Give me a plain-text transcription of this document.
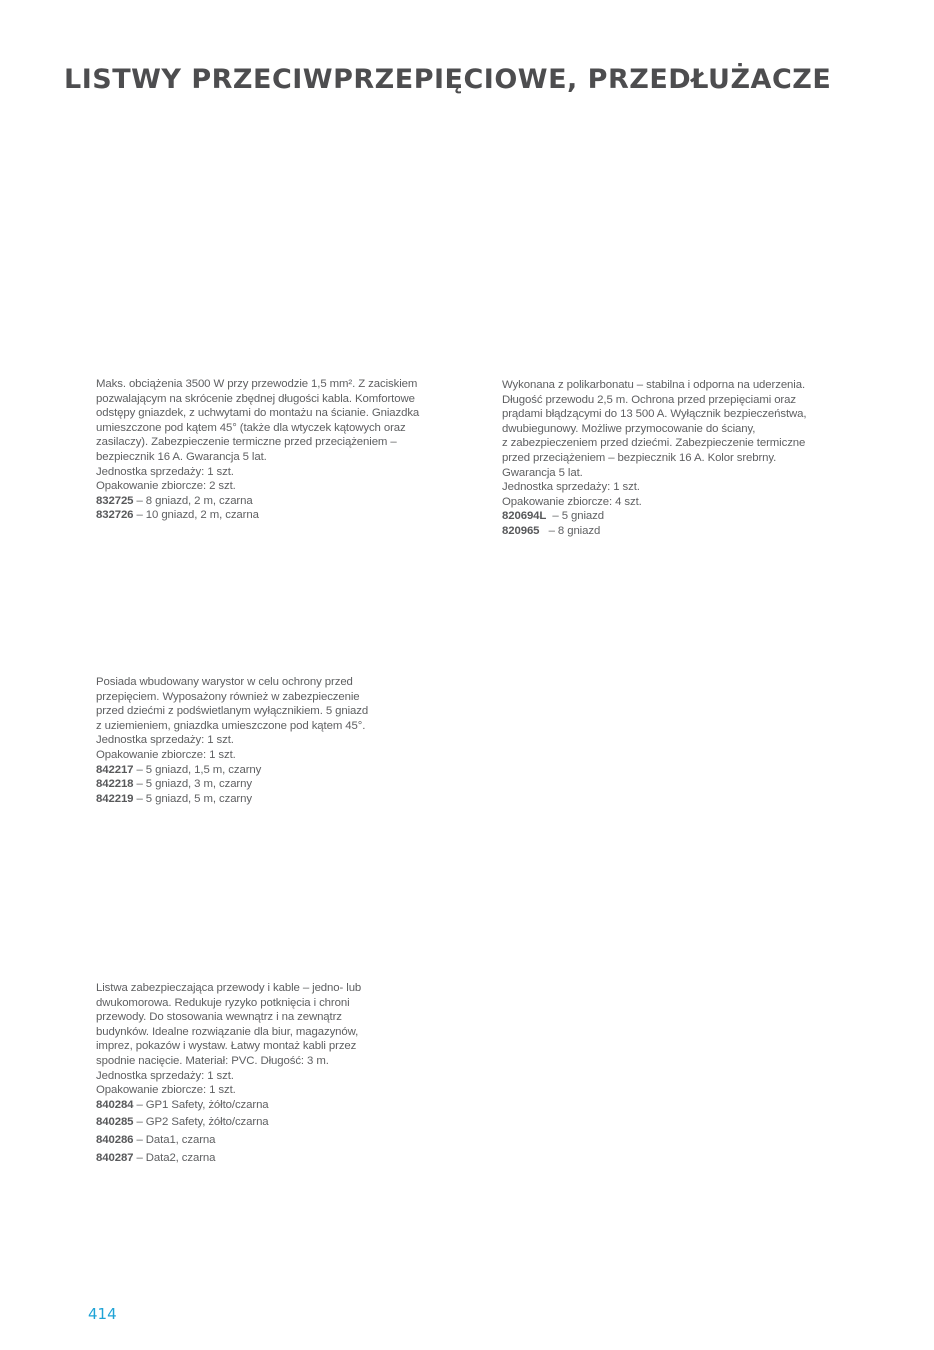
LISTWY PRZECIWPRZEPIĘCIOWE, PRZEDŁUŻACZE
Maks. obciążenia 3500 W przy przewodzie 1,5 mm². Z zaciskiem
pozwalającym na skrócenie zbędnej długości kabla. Komfortowe
odstępy gniazdek, z uchwytami do montażu na ścianie. Gniazdka
umieszczone pod kątem 45° (także dla wtyczek kątowych oraz
zasilaczy). Zabezpieczenie termiczne przed przeciążeniem –
bezpiecznik 16 A. Gwarancja 5 lat.
Jednostka sprzedaży: 1 szt.
Opakowanie zbiorcze: 2 szt.
832725 – 8 gniazd, 2 m, czarna
832726 – 10 gniazd, 2 m, czarna
Wykonana z polikarbonatu – stabilna i odporna na uderzenia.
Długość przewodu 2,5 m. Ochrona przed przepięciami oraz
prądami błądzącymi do 13 500 A. Wyłącznik bezpieczeństwa,
dwubiegunowy. Możliwe przymocowanie do ściany,
z zabezpieczeniem przed dziećmi. Zabezpieczenie termiczne
przed przeciążeniem – bezpiecznik 16 A. Kolor srebrny.
Gwarancja 5 lat.
Jednostka sprzedaży: 1 szt.
Opakowanie zbiorcze: 4 szt.
820694L  – 5 gniazd
820965   – 8 gniazd
Posiada wbudowany warystor w celu ochrony przed
przepięciem. Wyposażony również w zabezpieczenie
przed dziećmi z podświetlanym wyłącznikiem. 5 gniazd
z uziemieniem, gniazdka umieszczone pod kątem 45°.
Jednostka sprzedaży: 1 szt.
Opakowanie zbiorcze: 1 szt.
842217 – 5 gniazd, 1,5 m, czarny
842218 – 5 gniazd, 3 m, czarny
842219 – 5 gniazd, 5 m, czarny
Listwa zabezpieczająca przewody i kable – jedno- lub
dwukomorowa. Redukuje ryzyko potknięcia i chroni
przewody. Do stosowania wewnątrz i na zewnątrz
budynków. Idealne rozwiązanie dla biur, magazynów,
imprez, pokazów i wystaw. Łatwy montaż kabli przez
spodnie nacięcie. Materiał: PVC. Długość: 3 m.
Jednostka sprzedaży: 1 szt.
Opakowanie zbiorcze: 1 szt.
840284 – GP1 Safety, żółto/czarna
840285 – GP2 Safety, żółto/czarna
840286 – Data1, czarna
840287 – Data2, czarna
414
